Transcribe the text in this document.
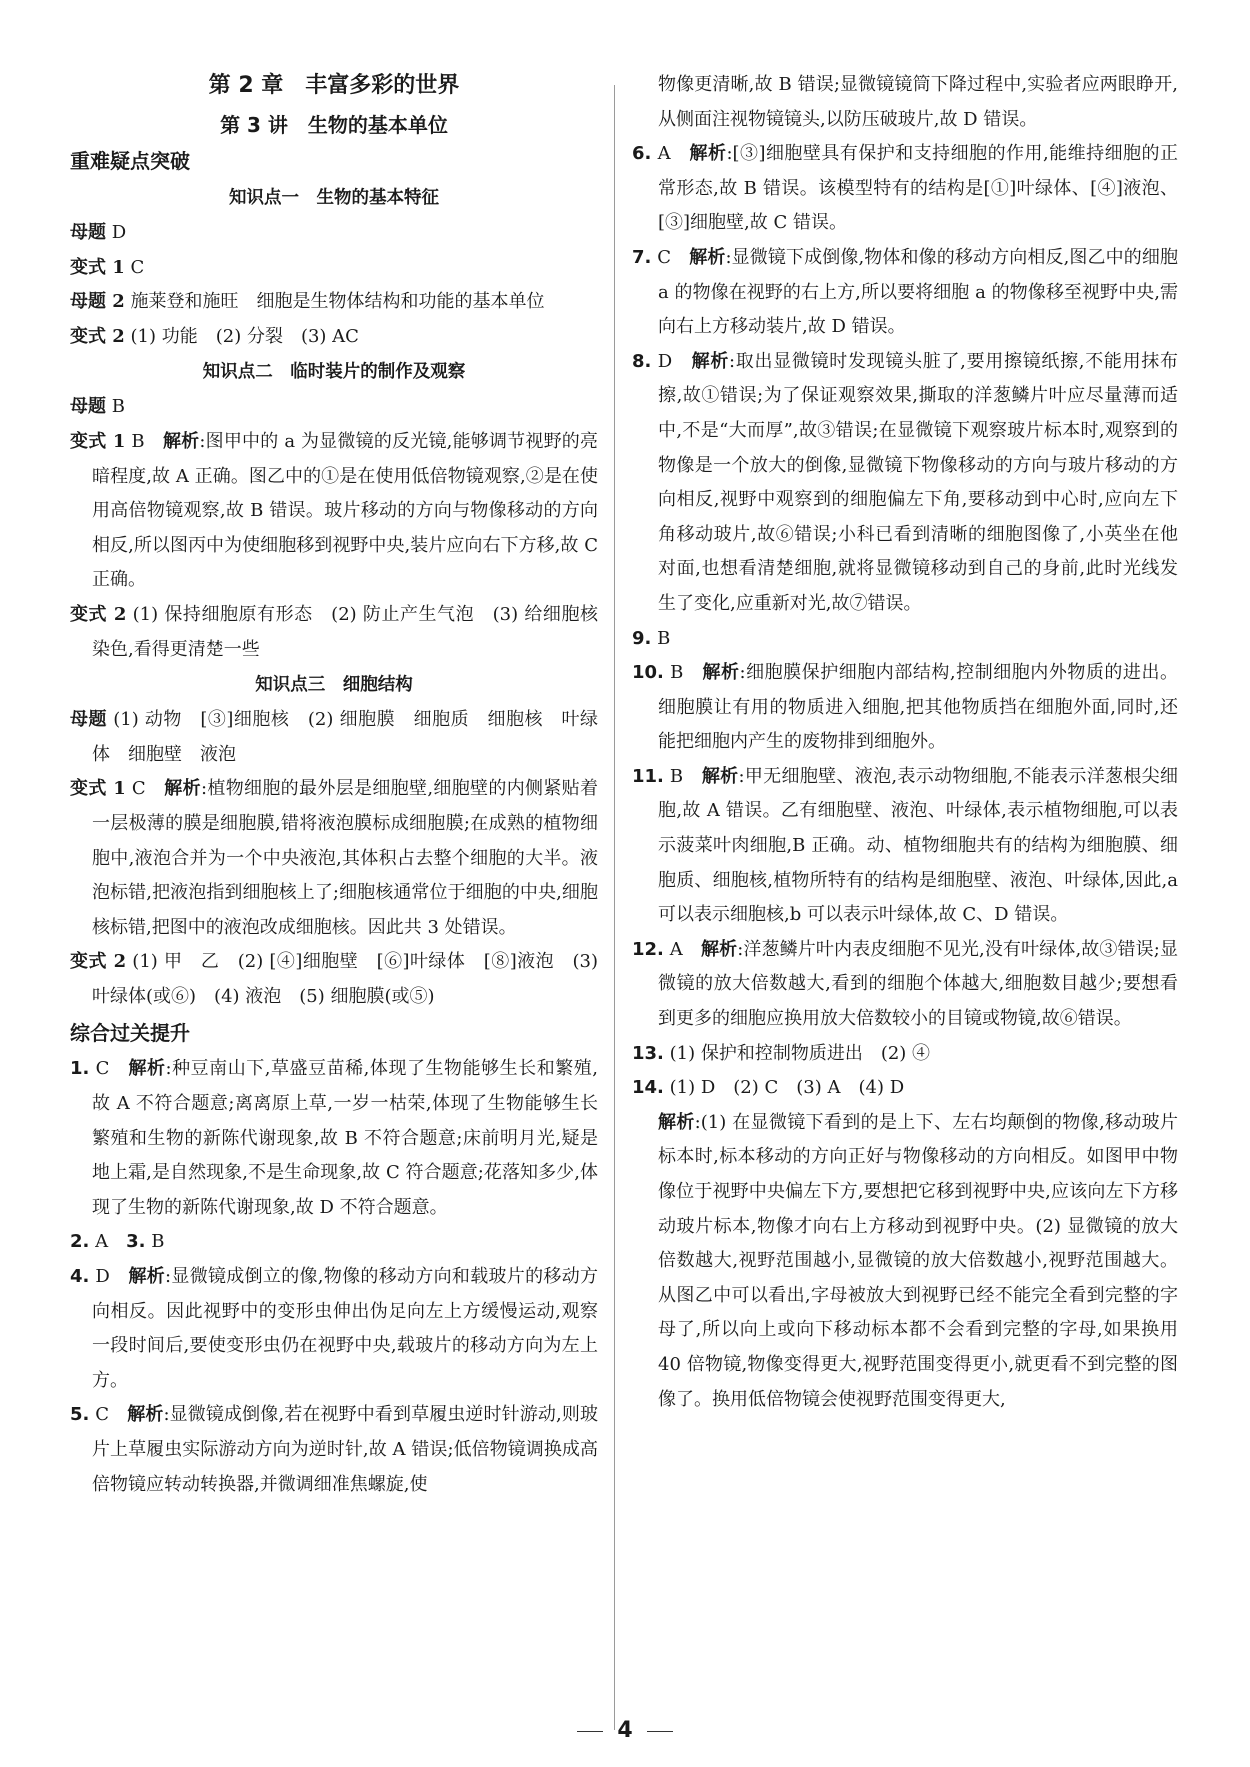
第 2 章　丰富多彩的世界

第 3 讲　生物的基本单位

重难疑点突破

知识点一　生物的基本特征

母题 D

变式 1 C

母题 2 施莱登和施旺　细胞是生物体结构和功能的基本单位

变式 2 (1) 功能　(2) 分裂　(3) AC

知识点二　临时装片的制作及观察

母题 B

变式 1 B　解析:图甲中的 a 为显微镜的反光镜,能够调节视野的亮暗程度,故 A 正确。图乙中的①是在使用低倍物镜观察,②是在使用高倍物镜观察,故 B 错误。玻片移动的方向与物像移动的方向相反,所以图丙中为使细胞移到视野中央,装片应向右下方移,故 C 正确。

变式 2 (1) 保持细胞原有形态　(2) 防止产生气泡　(3) 给细胞核染色,看得更清楚一些

知识点三　细胞结构

母题 (1) 动物　[③]细胞核　(2) 细胞膜　细胞质　细胞核　叶绿体　细胞壁　液泡

变式 1 C　解析:植物细胞的最外层是细胞壁,细胞壁的内侧紧贴着一层极薄的膜是细胞膜,错将液泡膜标成细胞膜;在成熟的植物细胞中,液泡合并为一个中央液泡,其体积占去整个细胞的大半。液泡标错,把液泡指到细胞核上了;细胞核通常位于细胞的中央,细胞核标错,把图中的液泡改成细胞核。因此共 3 处错误。

变式 2 (1) 甲　乙　(2) [④]细胞壁　[⑥]叶绿体　[⑧]液泡　(3) 叶绿体(或⑥)　(4) 液泡　(5) 细胞膜(或⑤)

综合过关提升

1. C　解析:种豆南山下,草盛豆苗稀,体现了生物能够生长和繁殖,故 A 不符合题意;离离原上草,一岁一枯荣,体现了生物能够生长繁殖和生物的新陈代谢现象,故 B 不符合题意;床前明月光,疑是地上霜,是自然现象,不是生命现象,故 C 符合题意;花落知多少,体现了生物的新陈代谢现象,故 D 不符合题意。

2. A　3. B

4. D　解析:显微镜成倒立的像,物像的移动方向和载玻片的移动方向相反。因此视野中的变形虫伸出伪足向左上方缓慢运动,观察一段时间后,要使变形虫仍在视野中央,载玻片的移动方向为左上方。

5. C　解析:显微镜成倒像,若在视野中看到草履虫逆时针游动,则玻片上草履虫实际游动方向为逆时针,故 A 错误;低倍物镜调换成高倍物镜应转动转换器,并微调细准焦螺旋,使

物像更清晰,故 B 错误;显微镜镜筒下降过程中,实验者应两眼睁开,从侧面注视物镜镜头,以防压破玻片,故 D 错误。

6. A　解析:[③]细胞壁具有保护和支持细胞的作用,能维持细胞的正常形态,故 B 错误。该模型特有的结构是[①]叶绿体、[④]液泡、[③]细胞壁,故 C 错误。

7. C　解析:显微镜下成倒像,物体和像的移动方向相反,图乙中的细胞 a 的物像在视野的右上方,所以要将细胞 a 的物像移至视野中央,需向右上方移动装片,故 D 错误。

8. D　解析:取出显微镜时发现镜头脏了,要用擦镜纸擦,不能用抹布擦,故①错误;为了保证观察效果,撕取的洋葱鳞片叶应尽量薄而适中,不是“大而厚”,故③错误;在显微镜下观察玻片标本时,观察到的物像是一个放大的倒像,显微镜下物像移动的方向与玻片移动的方向相反,视野中观察到的细胞偏左下角,要移动到中心时,应向左下角移动玻片,故⑥错误;小科已看到清晰的细胞图像了,小英坐在他对面,也想看清楚细胞,就将显微镜移动到自己的身前,此时光线发生了变化,应重新对光,故⑦错误。

9. B

10. B　解析:细胞膜保护细胞内部结构,控制细胞内外物质的进出。细胞膜让有用的物质进入细胞,把其他物质挡在细胞外面,同时,还能把细胞内产生的废物排到细胞外。

11. B　解析:甲无细胞壁、液泡,表示动物细胞,不能表示洋葱根尖细胞,故 A 错误。乙有细胞壁、液泡、叶绿体,表示植物细胞,可以表示菠菜叶肉细胞,B 正确。动、植物细胞共有的结构为细胞膜、细胞质、细胞核,植物所特有的结构是细胞壁、液泡、叶绿体,因此,a 可以表示细胞核,b 可以表示叶绿体,故 C、D 错误。

12. A　解析:洋葱鳞片叶内表皮细胞不见光,没有叶绿体,故③错误;显微镜的放大倍数越大,看到的细胞个体越大,细胞数目越少;要想看到更多的细胞应换用放大倍数较小的目镜或物镜,故⑥错误。

13. (1) 保护和控制物质进出　(2) ④

14. (1) D　(2) C　(3) A　(4) D

解析:(1) 在显微镜下看到的是上下、左右均颠倒的物像,移动玻片标本时,标本移动的方向正好与物像移动的方向相反。如图甲中物像位于视野中央偏左下方,要想把它移到视野中央,应该向左下方移动玻片标本,物像才向右上方移动到视野中央。(2) 显微镜的放大倍数越大,视野范围越小,显微镜的放大倍数越小,视野范围越大。从图乙中可以看出,字母被放大到视野已经不能完全看到完整的字母了,所以向上或向下移动标本都不会看到完整的字母,如果换用 40 倍物镜,物像变得更大,视野范围变得更小,就更看不到完整的图像了。换用低倍物镜会使视野范围变得更大,

4
